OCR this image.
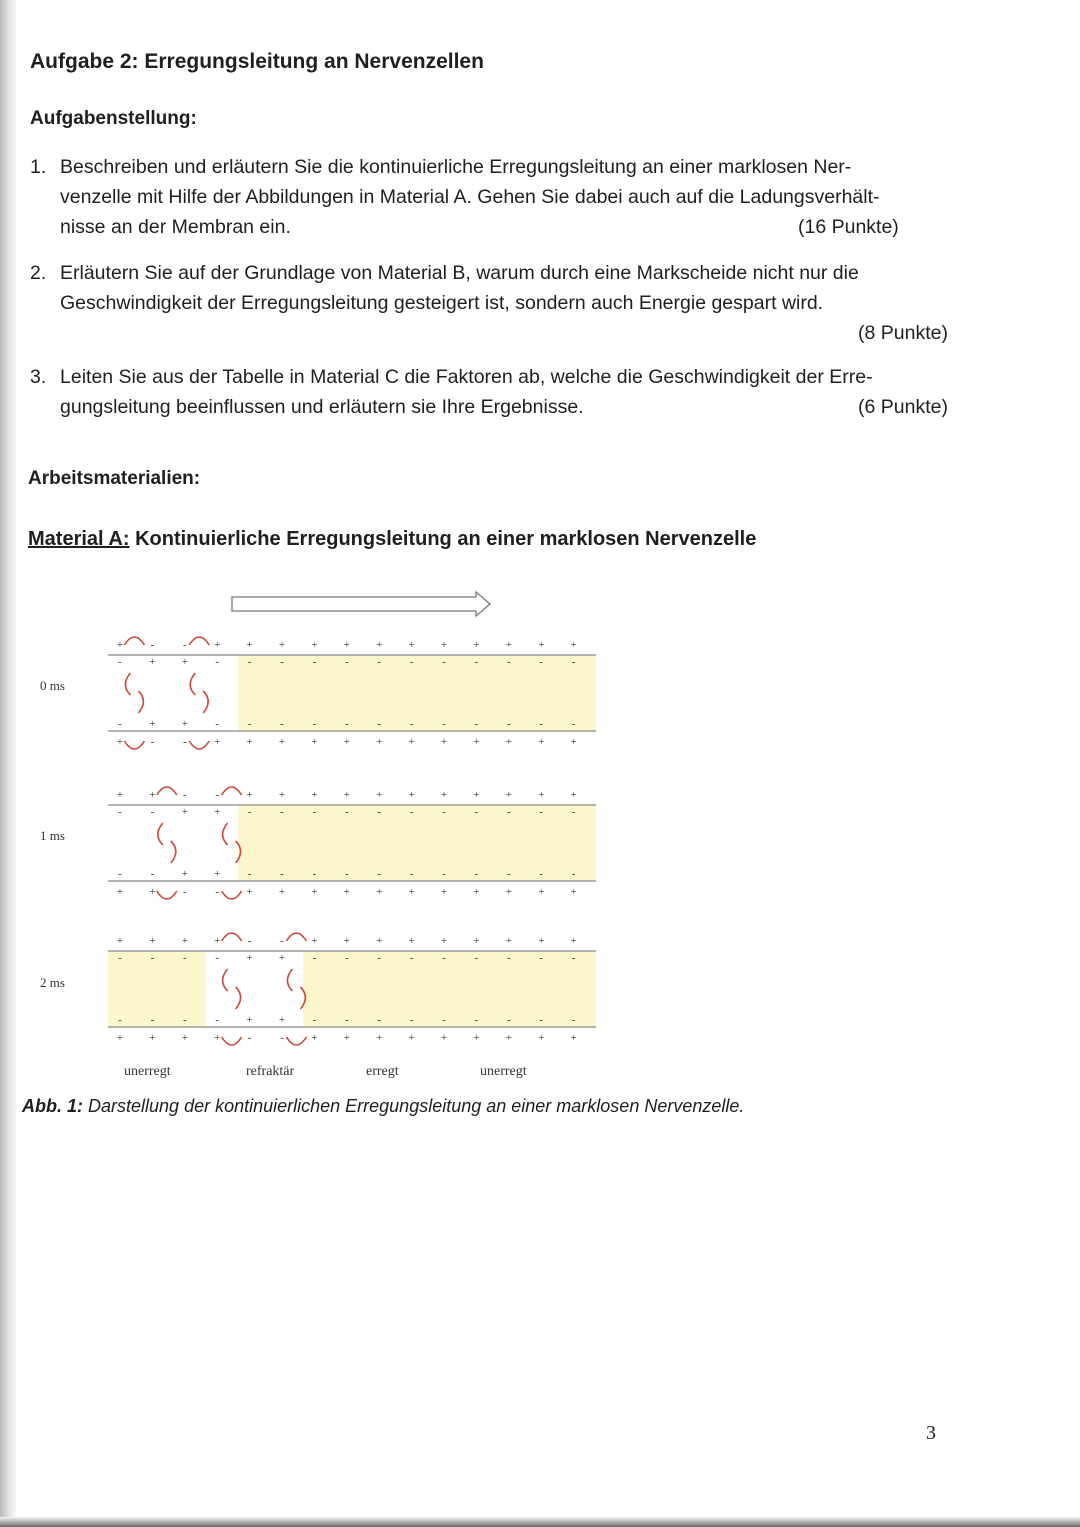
Aufgabe 2: Erregungsleitung an Nervenzellen
Aufgabenstellung:
1. Beschreiben und erläutern Sie die kontinuierliche Erregungsleitung an einer marklosen Ner-
venzelle mit Hilfe der Abbildungen in Material A. Gehen Sie dabei auch auf die Ladungsverhält-
nisse an der Membran ein.	(16 Punkte)
2. Erläutern Sie auf der Grundlage von Material B, warum durch eine Markscheide nicht nur die
Geschwindigkeit der Erregungsleitung gesteigert ist, sondern auch Energie gespart wird.
(8 Punkte)
3. Leiten Sie aus der Tabelle in Material C die Faktoren ab, welche die Geschwindigkeit der Erre-
gungsleitung beeinflussen und erläutern sie Ihre Ergebnisse.	(6 Punkte)
Arbeitsmaterialien:
Material A: Kontinuierliche Erregungsleitung an einer marklosen Nervenzelle
+
-
-
+
-
+
+
-
-
+
+
-
+
-
-
+
+
-
-
+
+
-
-
+
+
-
-
+
+
-
-
+
+
-
-
+
+
-
-
+
+
-
-
+
+
-
-
+
+
-
-
+
+
-
-
+
+
-
-
+
0 ms
+
-
-
+
+
-
-
+
-
+
+
-
-
+
+
-
+
-
-
+
+
-
-
+
+
-
-
+
+
-
-
+
+
-
-
+
+
-
-
+
+
-
-
+
+
-
-
+
+
-
-
+
+
-
-
+
+
-
-
+
1 ms
+
-
-
+
+
-
-
+
+
-
-
+
+
-
-
+
-
+
+
-
-
+
+
-
+
-
-
+
+
-
-
+
+
-
-
+
+
-
-
+
+
-
-
+
+
-
-
+
+
-
-
+
+
-
-
+
+
-
-
+
2 ms
unerregt	refraktär	erregt	unerregt
Abb. 1: Darstellung der kontinuierlichen Erregungsleitung an einer marklosen Nervenzelle.
3
